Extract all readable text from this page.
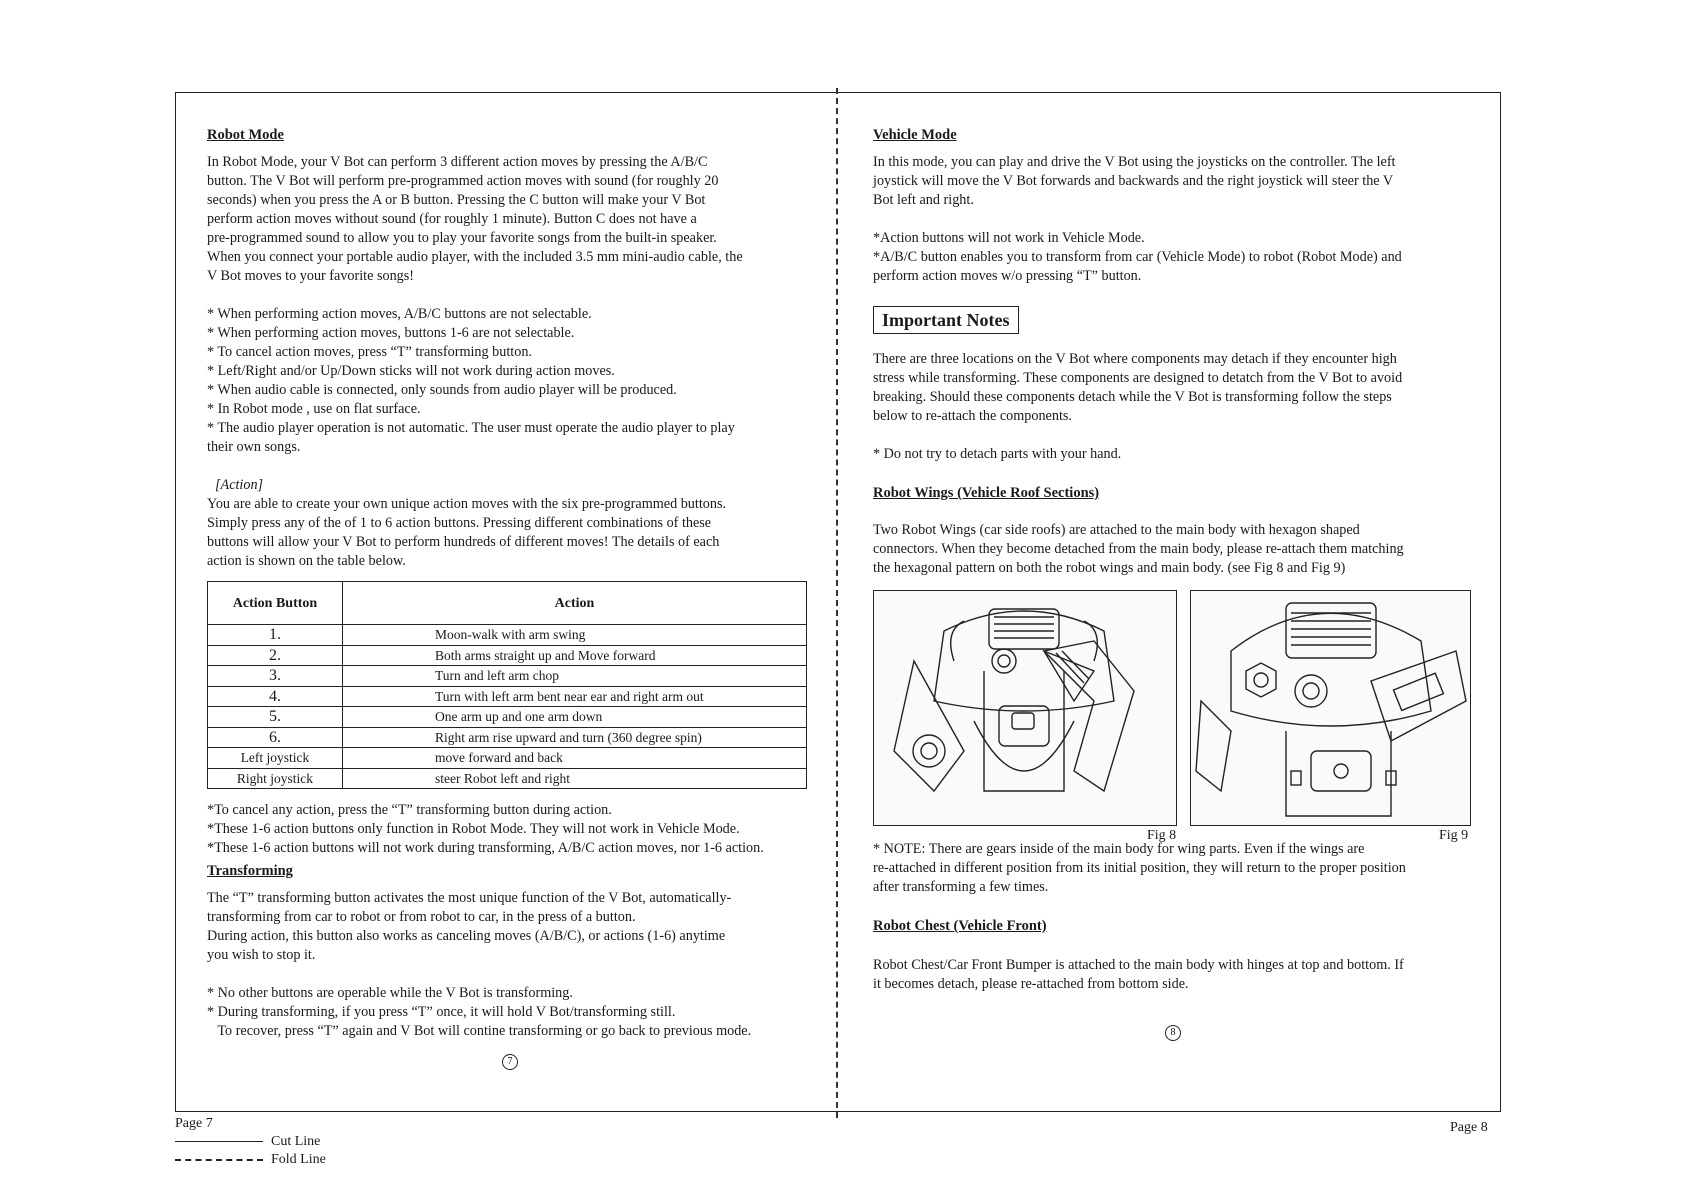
Robot Mode

In Robot Mode, your V Bot can perform 3 different action moves by pressing the A/B/C

button. The V Bot will perform pre-programmed action moves with sound (for roughly 20

seconds) when you press the A or B button. Pressing the C button will make your V Bot

perform action moves without sound (for roughly 1 minute). Button C does not have a

pre-programmed sound to allow you to play your favorite songs from the built-in speaker.

When you connect your portable audio player, with the included 3.5 mm mini-audio cable, the

V Bot moves to your favorite songs!

* When performing action moves, A/B/C buttons are not selectable.

* When performing action moves, buttons 1-6 are not selectable.

* To cancel action moves, press “T” transforming button.

* Left/Right and/or Up/Down sticks will not work during action moves.

* When audio cable is connected, only sounds from audio player will be produced.

* In Robot mode , use on flat surface.

* The audio player operation is not automatic. The user must operate the audio player to play

their own songs.

[Action]

You are able to create your own unique action moves with the six pre-programmed buttons.

Simply press any of the of 1 to 6 action buttons. Pressing different combinations of these

buttons will allow your V Bot to perform hundreds of different moves! The details of each

action is shown on the table below.

Action Button	Action
1.	Moon-walk with arm swing
2.	Both arms straight up and Move forward
3.	Turn and left arm chop
4.	Turn with left arm bent near ear and right arm out
5.	One arm up and one arm down
6.	Right arm rise upward and turn (360 degree spin)
Left joystick	move forward and back
Right joystick	steer Robot left and right

*To cancel any action, press the “T” transforming button during action.

*These 1-6 action buttons only function in Robot Mode. They will not work in Vehicle Mode.

*These 1-6 action buttons will not work during transforming, A/B/C action moves, nor 1-6 action.

Transforming

The “T” transforming button activates the most unique function of the V Bot, automatically-

transforming from car to robot or from robot to car, in the press of a button.

During action, this button also works as canceling moves (A/B/C), or actions (1-6) anytime

you wish to stop it.

* No other buttons are operable while the V Bot is transforming.

* During transforming, if you press “T” once, it will hold V Bot/transforming still.

To recover, press “T” again and V Bot will contine transforming or go back to previous mode.

7
Vehicle Mode

In this mode, you can play and drive the V Bot using the joysticks on the controller. The left

joystick will move the V Bot forwards and backwards and the right joystick will steer the V

Bot left and right.

*Action buttons will not work in Vehicle Mode.

*A/B/C button enables you to transform from car (Vehicle Mode) to robot (Robot Mode) and

perform action moves w/o pressing “T” button.

Important Notes

There are three locations on the V Bot where components may detach if they encounter high

stress while transforming. These components are designed to detatch from the V Bot to avoid

breaking. Should these components detach while the V Bot is transforming follow the steps

below to re-attach the components.

* Do not try to detach parts with your hand.

Robot Wings (Vehicle Roof Sections)

Two Robot Wings (car side roofs) are attached to the main body with hexagon shaped

connectors. When they become detached from the main body, please re-attach them matching

the hexagonal pattern on both the robot wings and main body. (see Fig 8 and Fig 9)

Fig 8	Fig 9

* NOTE: There are gears inside of the main body for wing parts. Even if the wings are

re-attached in different position from its initial position, they will return to the proper position

after transforming a few times.

Robot Chest (Vehicle Front)

Robot Chest/Car Front Bumper is attached to the main body with hinges at top and bottom. If

it becomes detach, please re-attached from bottom side.

8
Page 7	Page 8
Cut Line
Fold Line
